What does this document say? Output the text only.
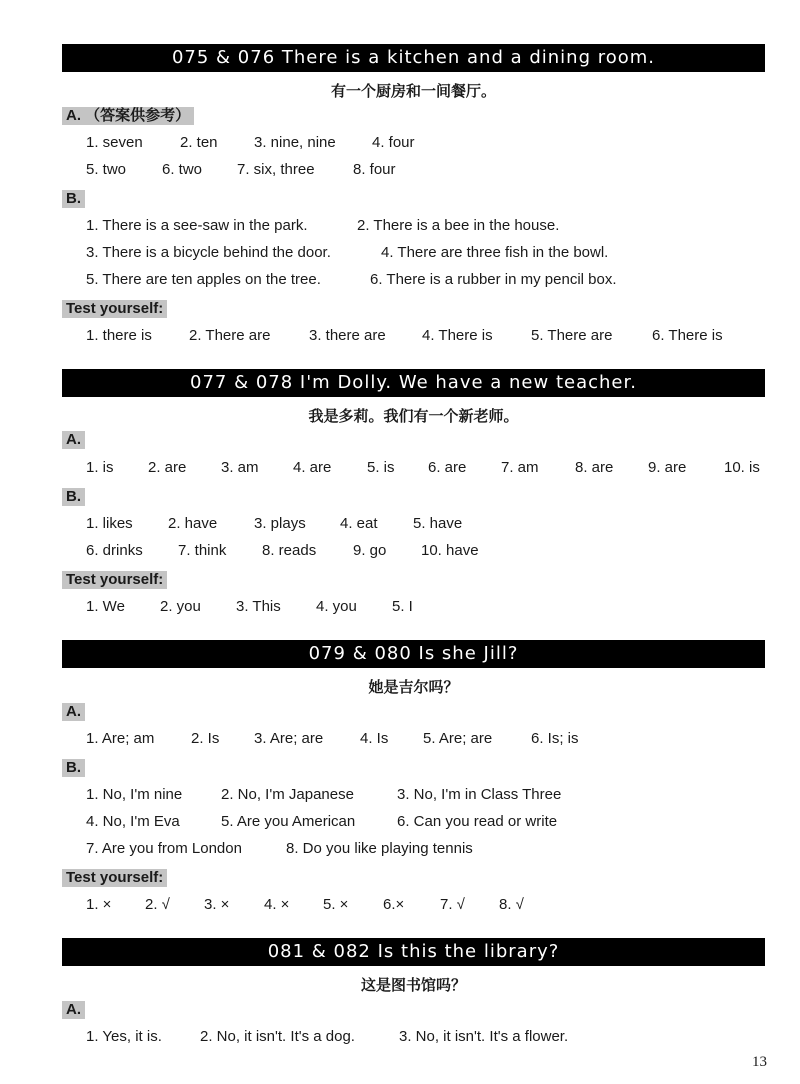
075 & 076 There is a kitchen and a dining room.
有一个厨房和一间餐厅。
A. （答案供参考）
1. seven 2. ten 3. nine, nine 4. four
5. two 6. two 7. six, three	8. four
B.
1. There is a see-saw in the park.	2. There is a bee in the house.
3. There is a bicycle behind the door.	4. There are three fish in the bowl.
5. There are ten apples on the tree.	6. There is a rubber in my pencil box.
Test yourself:
1. there is 2. There are	3. there are 4. There is	5. There are	6. There is
077 & 078 I'm Dolly. We have a new teacher.
我是多莉。我们有一个新老师。
A.
1. is 2. are 3. am 4. are 5. is 6. are 7. am 8. are 9. are	10. is
B.
1. likes 2. have 3. plays 4. eat 5. have
6. drinks 7. think 8. reads 9. go 10. have
Test yourself:
1. We 2. you 3. This 4. you 5. I
079 & 080 Is she Jill?
她是吉尔吗？
A.
1. Are; am 2. Is 3. Are; are 4. Is 5. Are; are	6. Is; is
B.
1. No, I'm nine	2. No, I'm Japanese	3. No, I'm in Class Three
4. No, I'm Eva	5. Are you American	6. Can you read or write
7. Are you from London	8. Do you like playing tennis
Test yourself:
1. × 2. √ 3. × 4. × 5. × 6.× 7. √ 8. √
081 & 082 Is this the library?
这是图书馆吗？
A.
1. Yes, it is.	2. No, it isn't. It's a dog.	3. No, it isn't. It's a flower.
13
